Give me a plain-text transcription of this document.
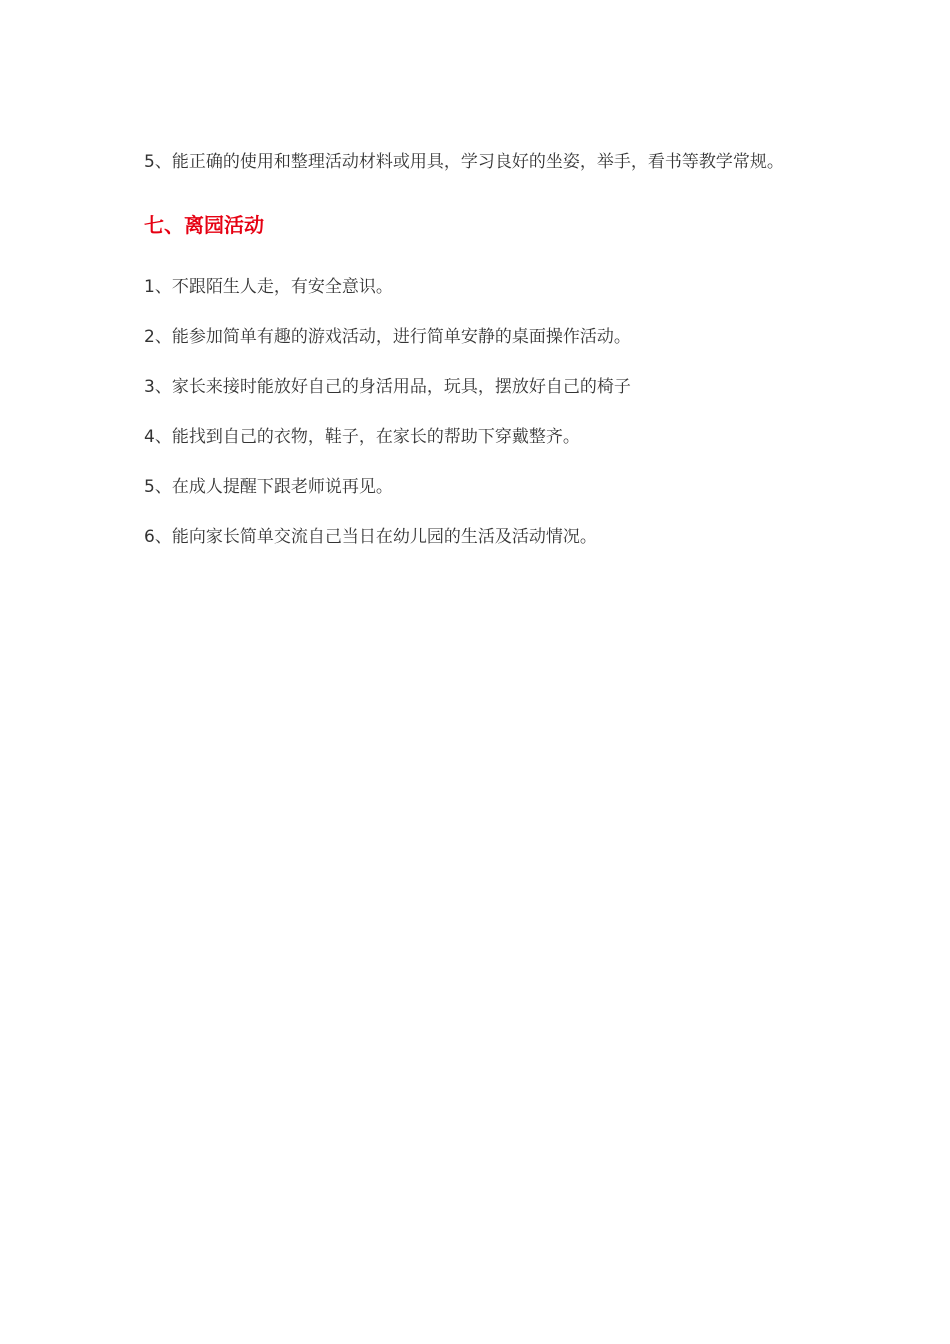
5、能正确的使用和整理活动材料或用具，学习良好的坐姿，举手，看书等教学常规。

七、离园活动

1、不跟陌生人走，有安全意识。

2、能参加简单有趣的游戏活动，进行简单安静的桌面操作活动。

3、家长来接时能放好自己的身活用品，玩具，摆放好自己的椅子

4、能找到自己的衣物，鞋子，在家长的帮助下穿戴整齐。

5、在成人提醒下跟老师说再见。

6、能向家长简单交流自己当日在幼儿园的生活及活动情况。
